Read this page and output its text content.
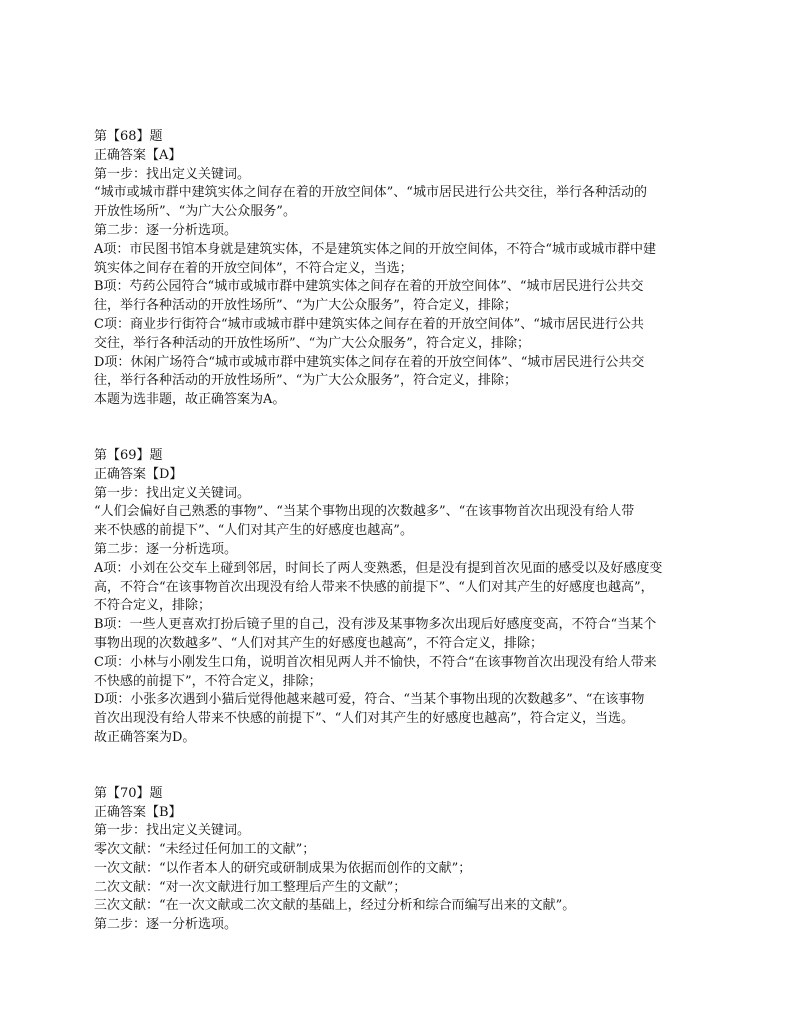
第【68】题
正确答案【A】
第一步：找出定义关键词。
“城市或城市群中建筑实体之间存在着的开放空间体”、“城市居民进行公共交往，举行各种活动的
开放性场所”、“为广大公众服务”。
第二步：逐一分析选项。
A项：市民图书馆本身就是建筑实体，不是建筑实体之间的开放空间体，不符合“城市或城市群中建
筑实体之间存在着的开放空间体”，不符合定义，当选；
B项：芍药公园符合“城市或城市群中建筑实体之间存在着的开放空间体”、“城市居民进行公共交
往，举行各种活动的开放性场所”、“为广大公众服务”，符合定义，排除；
C项：商业步行街符合“城市或城市群中建筑实体之间存在着的开放空间体”、“城市居民进行公共
交往，举行各种活动的开放性场所”、“为广大公众服务”，符合定义，排除；
D项：休闲广场符合“城市或城市群中建筑实体之间存在着的开放空间体”、“城市居民进行公共交
往，举行各种活动的开放性场所”、“为广大公众服务”，符合定义，排除；
本题为选非题，故正确答案为A。
第【69】题
正确答案【D】
第一步：找出定义关键词。
“人们会偏好自己熟悉的事物”、“当某个事物出现的次数越多”、“在该事物首次出现没有给人带
来不快感的前提下”、“人们对其产生的好感度也越高”。
第二步：逐一分析选项。
A项：小刘在公交车上碰到邻居，时间长了两人变熟悉，但是没有提到首次见面的感受以及好感度变
高，不符合“在该事物首次出现没有给人带来不快感的前提下”、“人们对其产生的好感度也越高”，
不符合定义，排除；
B项：一些人更喜欢打扮后镜子里的自己，没有涉及某事物多次出现后好感度变高，不符合“当某个
事物出现的次数越多”、“人们对其产生的好感度也越高”，不符合定义，排除；
C项：小林与小刚发生口角，说明首次相见两人并不愉快，不符合“在该事物首次出现没有给人带来
不快感的前提下”，不符合定义，排除；
D项：小张多次遇到小猫后觉得他越来越可爱，符合、“当某个事物出现的次数越多”、“在该事物
首次出现没有给人带来不快感的前提下”、“人们对其产生的好感度也越高”，符合定义，当选。
故正确答案为D。
第【70】题
正确答案【B】
第一步：找出定义关键词。
零次文献：“未经过任何加工的文献”；
一次文献：“以作者本人的研究或研制成果为依据而创作的文献”；
二次文献：“对一次文献进行加工整理后产生的文献”；
三次文献：“在一次文献或二次文献的基础上，经过分析和综合而编写出来的文献”。
第二步：逐一分析选项。
